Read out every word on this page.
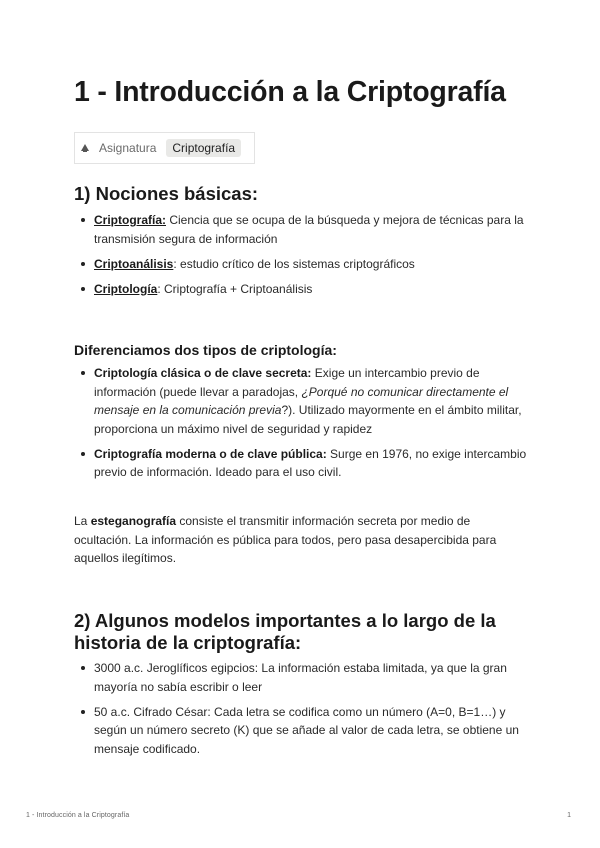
1 - Introducción a la Criptografía
Asignatura	Criptografía
1) Nociones básicas:
Criptografía: Ciencia que se ocupa de la búsqueda y mejora de técnicas para la transmisión segura de información
Criptoanálisis: estudio crítico de los sistemas criptográficos
Criptología: Criptografía + Criptoanálisis
Diferenciamos dos tipos de criptología:
Criptología clásica o de clave secreta: Exige un intercambio previo de información (puede llevar a paradojas, ¿Porqué no comunicar directamente el mensaje en la comunicación previa?). Utilizado mayormente en el ámbito militar, proporciona un máximo nivel de seguridad y rapidez
Criptografía moderna o de clave pública: Surge en 1976, no exige intercambio previo de información. Ideado para el uso civil.

La esteganografía consiste el transmitir información secreta por medio de ocultación. La información es pública para todos, pero pasa desapercibida para aquellos ilegítimos.

2) Algunos modelos importantes a lo largo de la
historia de la criptografía:
3000 a.c. Jeroglíficos egipcios: La información estaba limitada, ya que la gran mayoría no sabía escribir o leer
50 a.c. Cifrado César: Cada letra se codifica como un número (A=0, B=1…) y según un número secreto (K) que se añade al valor de cada letra, se obtiene un mensaje codificado.
1 - Introducción a la Criptografía	1
